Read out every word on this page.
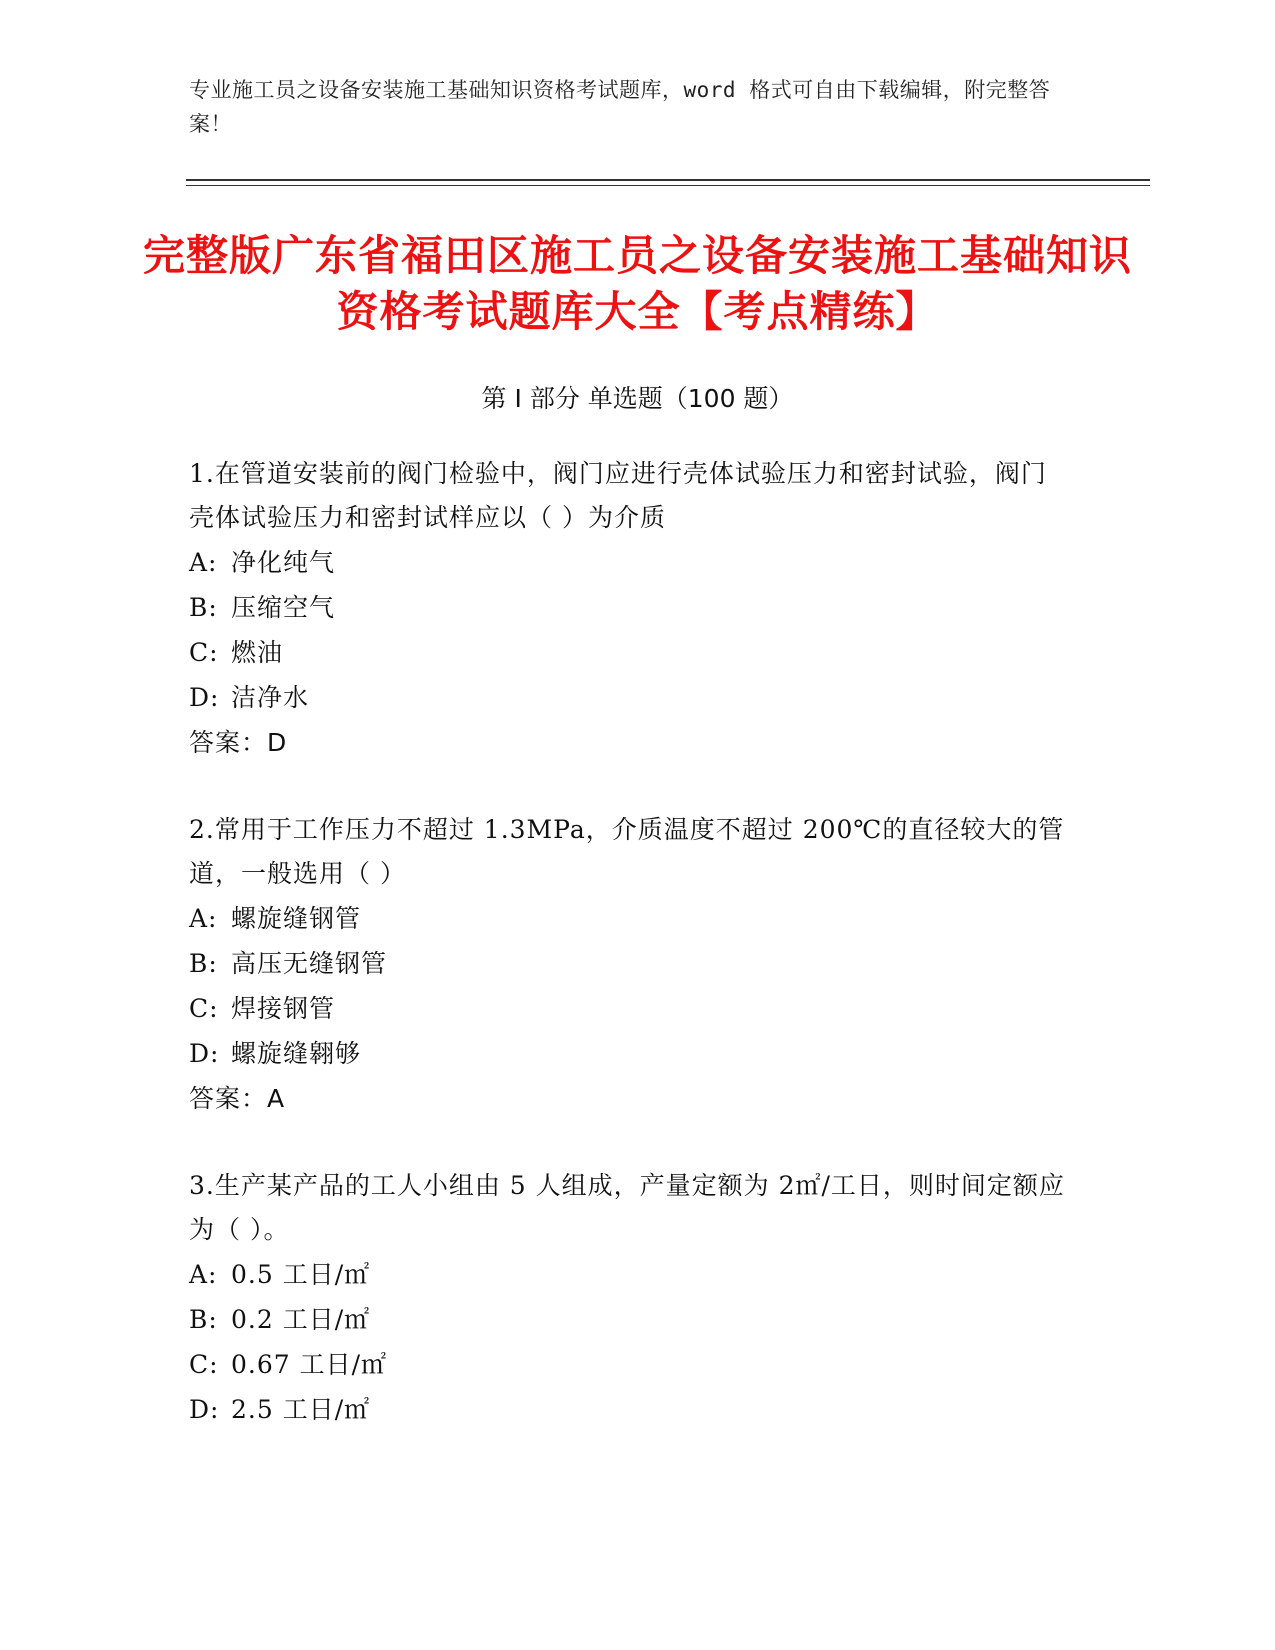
专业施工员之设备安装施工基础知识资格考试题库，word 格式可自由下载编辑，附完整答案！
完整版广东省福田区施工员之设备安装施工基础知识资格考试题库大全【考点精练】
第 I 部分 单选题（100 题）
1.在管道安装前的阀门检验中，阀门应进行壳体试验压力和密封试验，阀门壳体试验压力和密封试样应以（ ）为介质
A: 净化纯气
B: 压缩空气
C: 燃油
D: 洁净水
答案：D
2.常用于工作压力不超过 1.3MPa，介质温度不超过 200℃的直径较大的管道，一般选用（ ）
A: 螺旋缝钢管
B: 高压无缝钢管
C: 焊接钢管
D: 螺旋缝翱够
答案：A
3.生产某产品的工人小组由 5 人组成，产量定额为 2㎡/工日，则时间定额应为（ ）。
A: 0.5 工日/㎡
B: 0.2 工日/㎡
C: 0.67 工日/㎡
D: 2.5 工日/㎡
